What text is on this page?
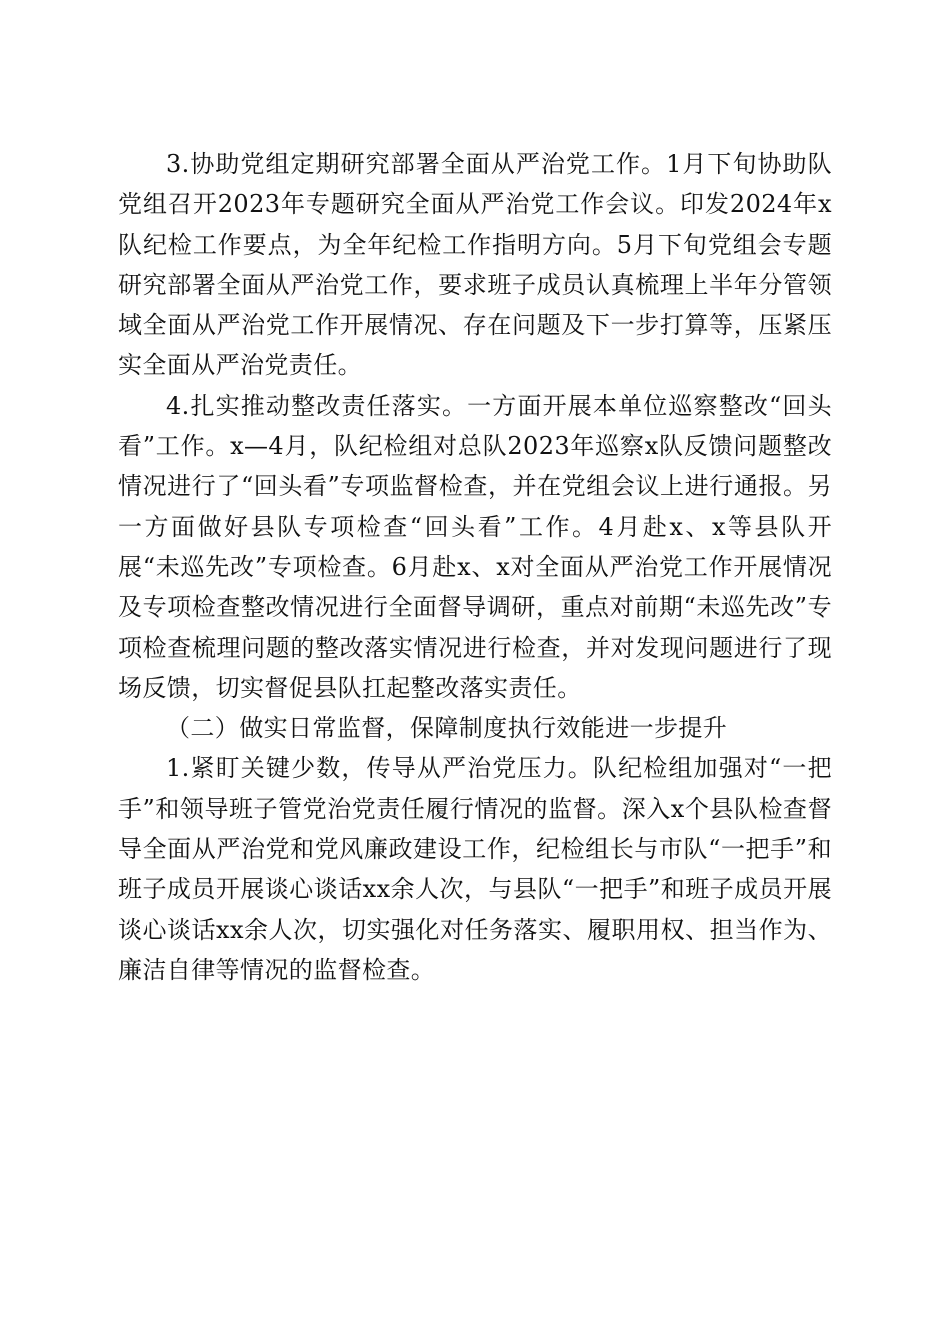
3.协助党组定期研究部署全面从严治党工作。1月下旬协助队党组召开2023年专题研究全面从严治党工作会议。印发2024年x队纪检工作要点，为全年纪检工作指明方向。5月下旬党组会专题研究部署全面从严治党工作，要求班子成员认真梳理上半年分管领域全面从严治党工作开展情况、存在问题及下一步打算等，压紧压实全面从严治党责任。

4.扎实推动整改责任落实。一方面开展本单位巡察整改“回头看”工作。x—4月，队纪检组对总队2023年巡察x队反馈问题整改情况进行了“回头看”专项监督检查，并在党组会议上进行通报。另一方面做好县队专项检查“回头看”工作。4月赴x、x等县队开展“未巡先改”专项检查。6月赴x、x对全面从严治党工作开展情况及专项检查整改情况进行全面督导调研，重点对前期“未巡先改”专项检查梳理问题的整改落实情况进行检查，并对发现问题进行了现场反馈，切实督促县队扛起整改落实责任。

（二）做实日常监督，保障制度执行效能进一步提升

1.紧盯关键少数，传导从严治党压力。队纪检组加强对“一把手”和领导班子管党治党责任履行情况的监督。深入x个县队检查督导全面从严治党和党风廉政建设工作，纪检组长与市队“一把手”和班子成员开展谈心谈话xx余人次，与县队“一把手”和班子成员开展谈心谈话xx余人次，切实强化对任务落实、履职用权、担当作为、廉洁自律等情况的监督检查。
